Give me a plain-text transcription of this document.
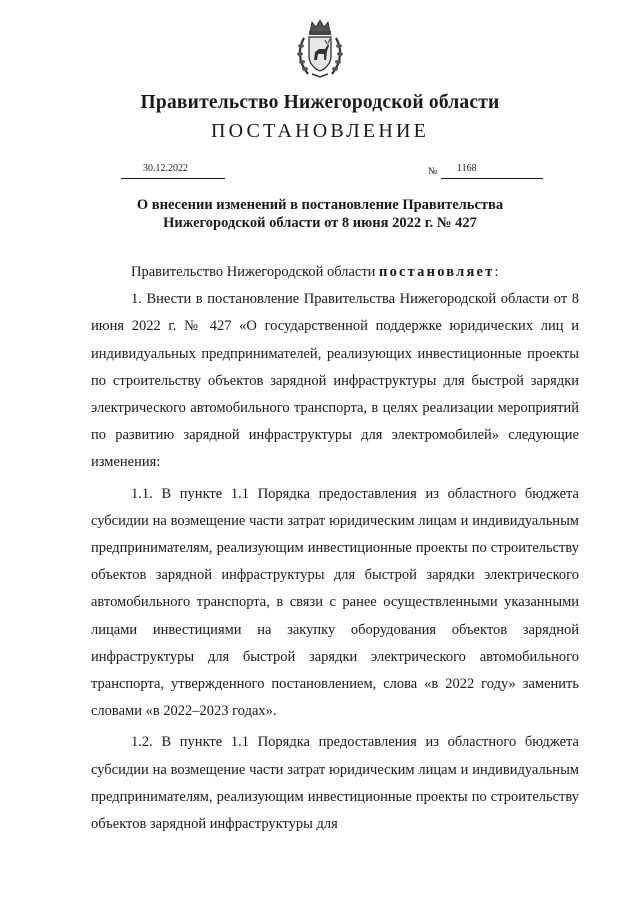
Правительство Нижегородской области
ПОСТАНОВЛЕНИЕ
30.12.2022	№ 1168
О внесении изменений в постановление Правительства
Нижегородской области от 8 июня 2022 г. № 427

Правительство Нижегородской области постановляет:

1. Внести в постановление Правительства Нижегородской области от 8 июня 2022 г. № 427 «О государственной поддержке юридических лиц и индивидуальных предпринимателей, реализующих инвестиционные проекты по строительству объектов зарядной инфраструктуры для быстрой зарядки электрического автомобильного транспорта, в целях реализации мероприятий по развитию зарядной инфраструктуры для электромобилей» следующие изменения:

1.1. В пункте 1.1 Порядка предоставления из областного бюджета субсидии на возмещение части затрат юридическим лицам и индивидуальным предпринимателям, реализующим инвестиционные проекты по строительству объектов зарядной инфраструктуры для быстрой зарядки электрического автомобильного транспорта, в связи с ранее осуществленными указанными лицами инвестициями на закупку оборудования объектов зарядной инфраструктуры для быстрой зарядки электрического автомобильного транспорта, утвержденного постановлением, слова «в 2022 году» заменить словами «в 2022–2023 годах».

1.2. В пункте 1.1 Порядка предоставления из областного бюджета субсидии на возмещение части затрат юридическим лицам и индивидуальным предпринимателям, реализующим инвестиционные проекты по строительству объектов зарядной инфраструктуры для
